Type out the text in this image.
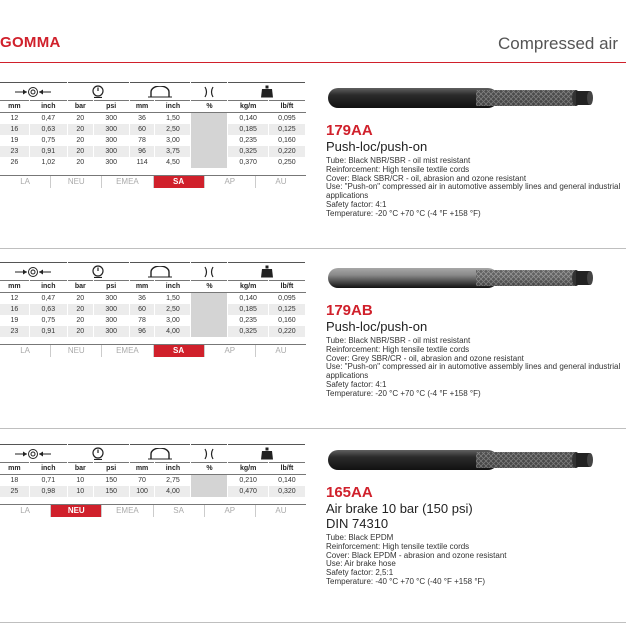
GOMMA	Compressed air

mm	inch	bar	psi	mm	inch	%	kg/m	lb/ft
12	0,47	20	300	36	1,50		0,140	0,095
16	0,63	20	300	60	2,50		0,185	0,125
19	0,75	20	300	78	3,00		0,235	0,160
23	0,91	20	300	96	3,75		0,325	0,220
26	1,02	20	300	114	4,50		0,370	0,250
LA	NEU	EMEA	SA	AP	AU
179AA
Push-loc/push-on
Tube: Black NBR/SBR - oil mist resistant
Reinforcement: High tensile textile cords
Cover: Black SBR/CR - oil, abrasion and ozone resistant
Use: "Push-on" compressed air in automotive assembly lines and general industrial applications
Safety factor: 4:1
Temperature: -20 °C +70 °C (-4 °F +158 °F)

mm	inch	bar	psi	mm	inch	%	kg/m	lb/ft
12	0,47	20	300	36	1,50		0,140	0,095
16	0,63	20	300	60	2,50		0,185	0,125
19	0,75	20	300	78	3,00		0,235	0,160
23	0,91	20	300	96	4,00		0,325	0,220
LA	NEU	EMEA	SA	AP	AU
179AB
Push-loc/push-on
Tube: Black NBR/SBR - oil mist resistant
Reinforcement: High tensile textile cords
Cover: Grey SBR/CR - oil, abrasion and ozone resistant
Use: "Push-on" compressed air in automotive assembly lines and general industrial applications
Safety factor: 4:1
Temperature: -20 °C +70 °C (-4 °F +158 °F)

mm	inch	bar	psi	mm	inch	%	kg/m	lb/ft
18	0,71	10	150	70	2,75		0,210	0,140
25	0,98	10	150	100	4,00		0,470	0,320
LA	NEU	EMEA	SA	AP	AU
165AA
Air brake 10 bar (150 psi)
DIN 74310
Tube: Black EPDM
Reinforcement: High tensile textile cords
Cover: Black EPDM - abrasion and ozone resistant
Use: Air brake hose
Safety factor: 2,5:1
Temperature: -40 °C +70 °C (-40 °F +158 °F)
